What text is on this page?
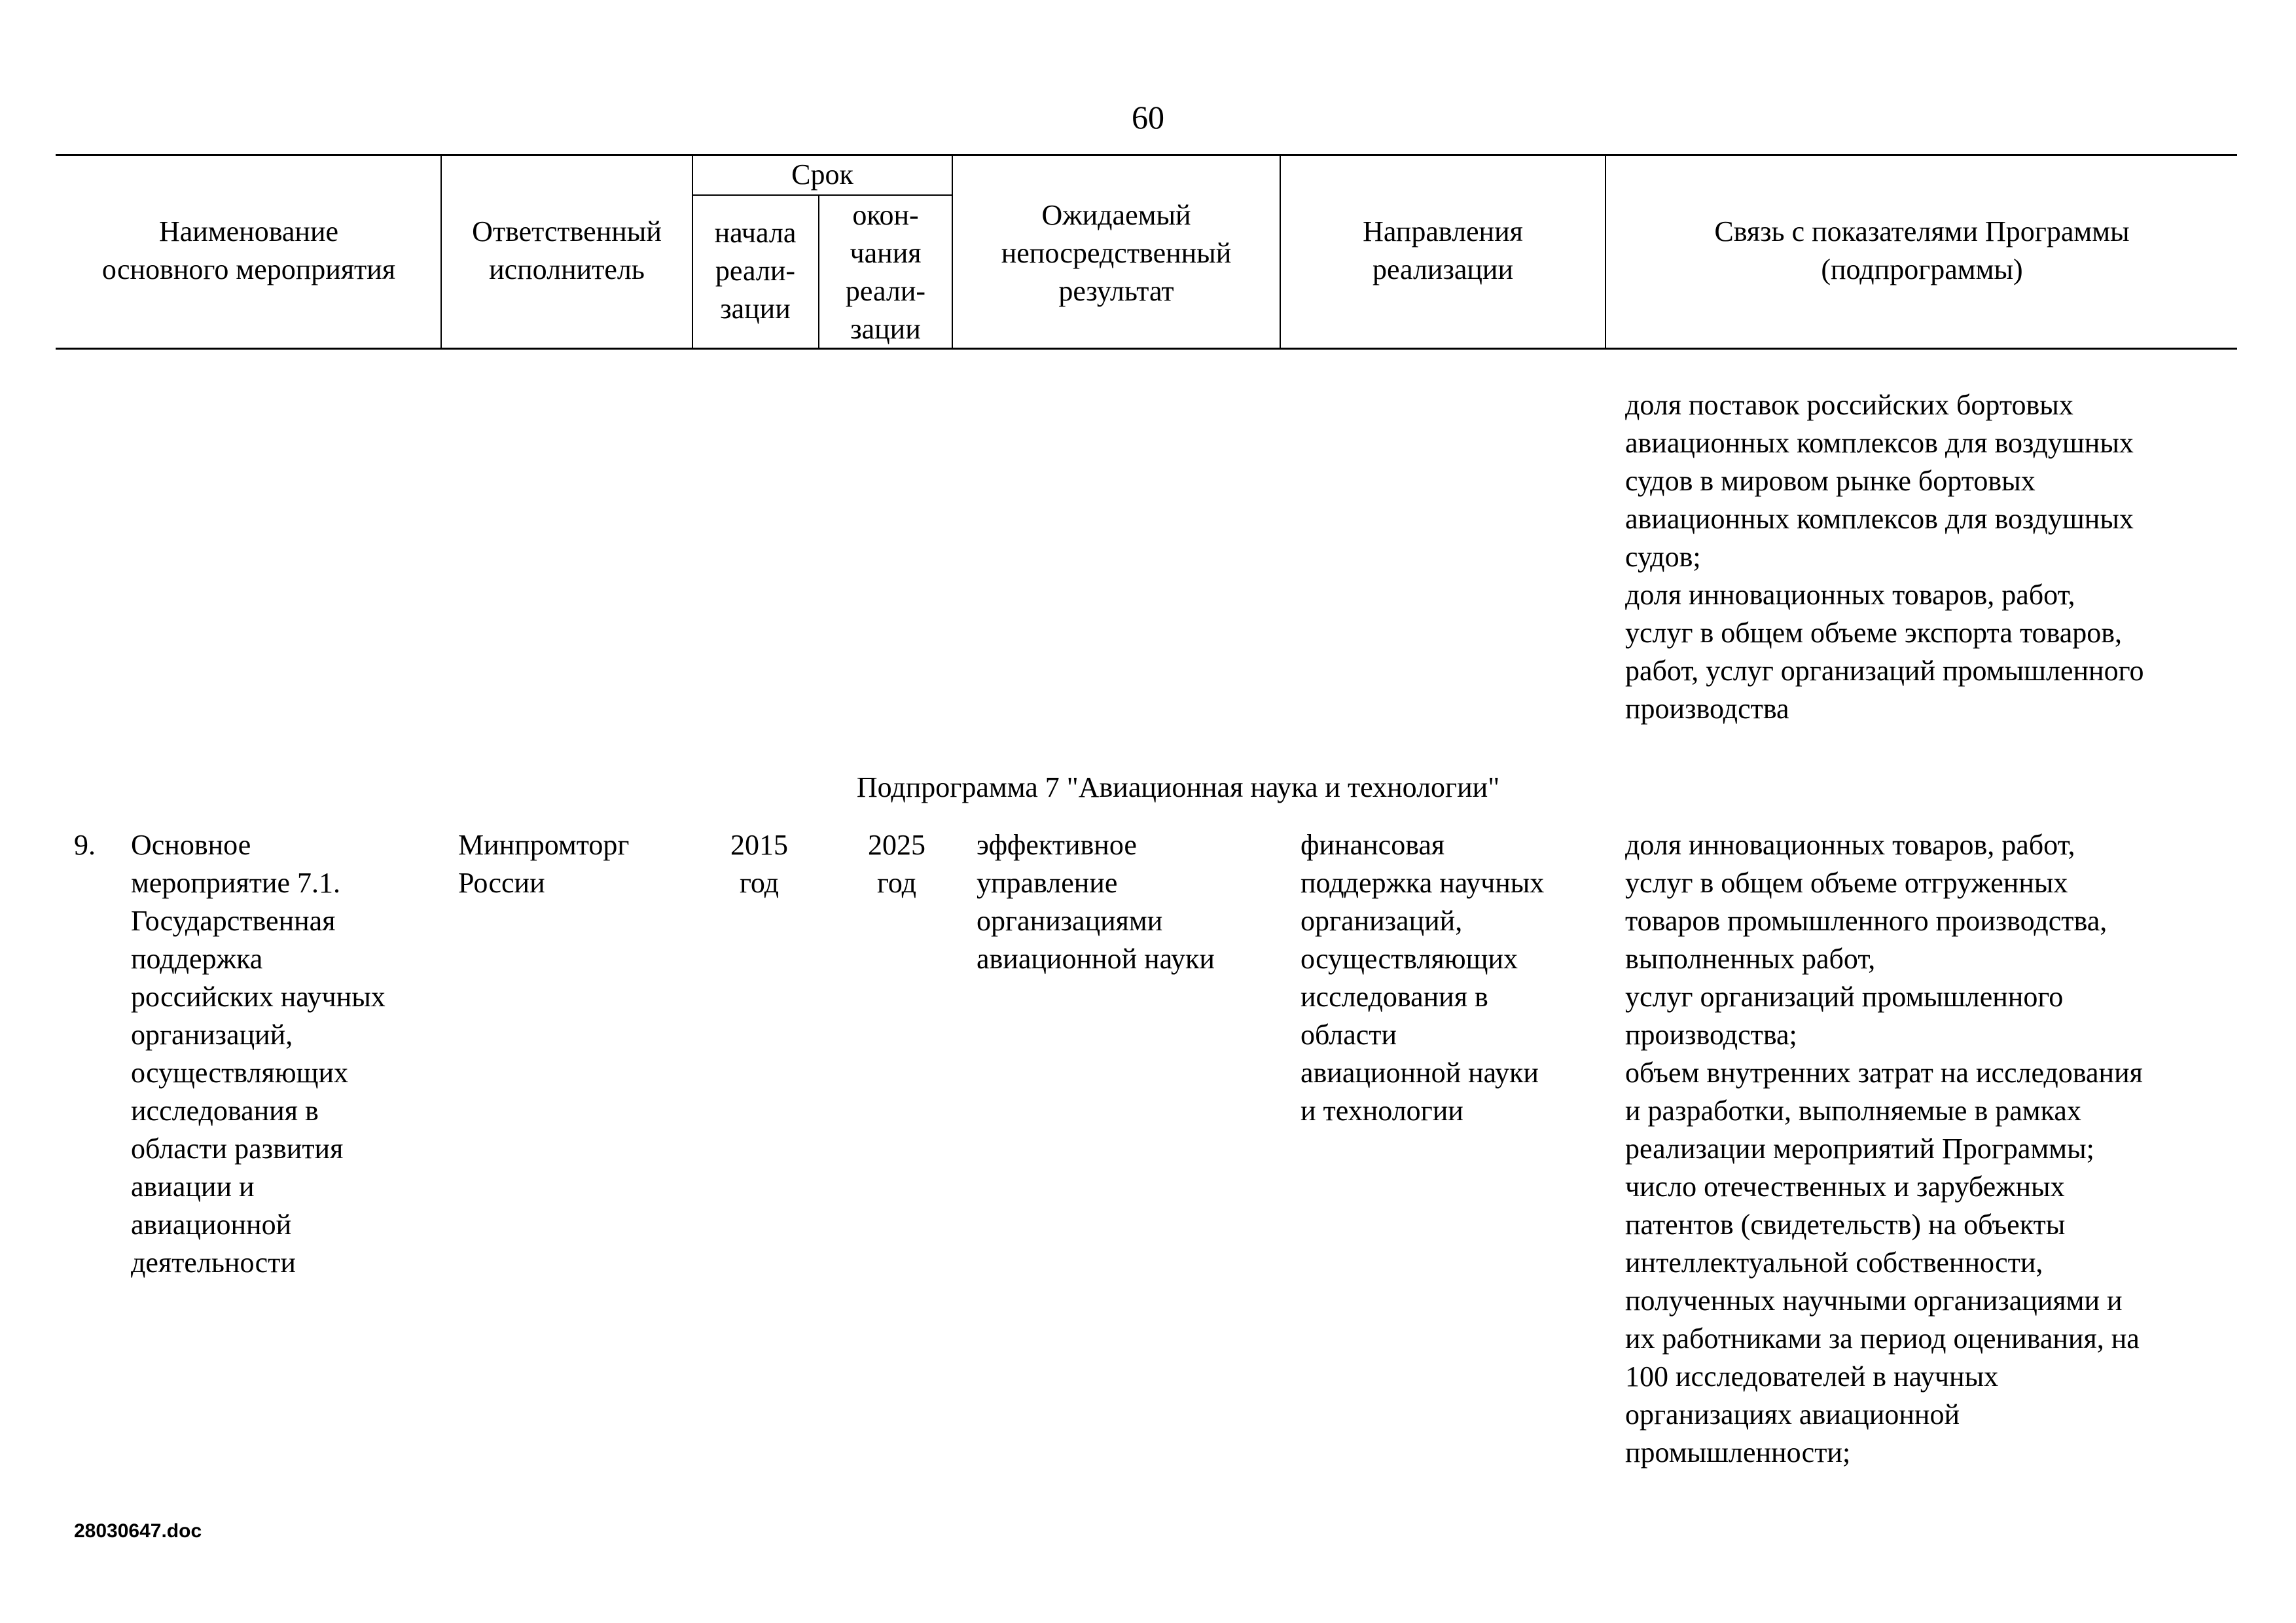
60
Наименование
основного мероприятия
Ответственный
исполнитель
Срок
начала
реали-
зации
окон-
чания
реали-
зации
Ожидаемый
непосредственный
результат
Направления
реализации
Связь с показателями Программы
(подпрограммы)
доля поставок российских бортовых
авиационных комплексов для воздушных
судов в мировом рынке бортовых
авиационных комплексов для воздушных
судов;
доля инновационных товаров, работ,
услуг в общем объеме экспорта товаров,
работ, услуг организаций промышленного
производства
Подпрограмма 7 "Авиационная наука и технологии"
9. Основное
мероприятие 7.1.
Государственная
поддержка
российских научных
организаций,
осуществляющих
исследования в
области развития
авиации и
авиационной
деятельности
Минпромторг
России
2015
год
2025
год
эффективное
управление
организациями
авиационной науки
финансовая
поддержка научных
организаций,
осуществляющих
исследования в
области
авиационной науки
и технологии
доля инновационных товаров, работ,
услуг в общем объеме отгруженных
товаров промышленного производства,
выполненных работ,
услуг организаций промышленного
производства;
объем внутренних затрат на исследования
и разработки, выполняемые в рамках
реализации мероприятий Программы;
число отечественных и зарубежных
патентов (свидетельств) на объекты
интеллектуальной собственности,
полученных научными организациями и
их работниками за период оценивания, на
100 исследователей в научных
организациях авиационной
промышленности;
28030647.doc
